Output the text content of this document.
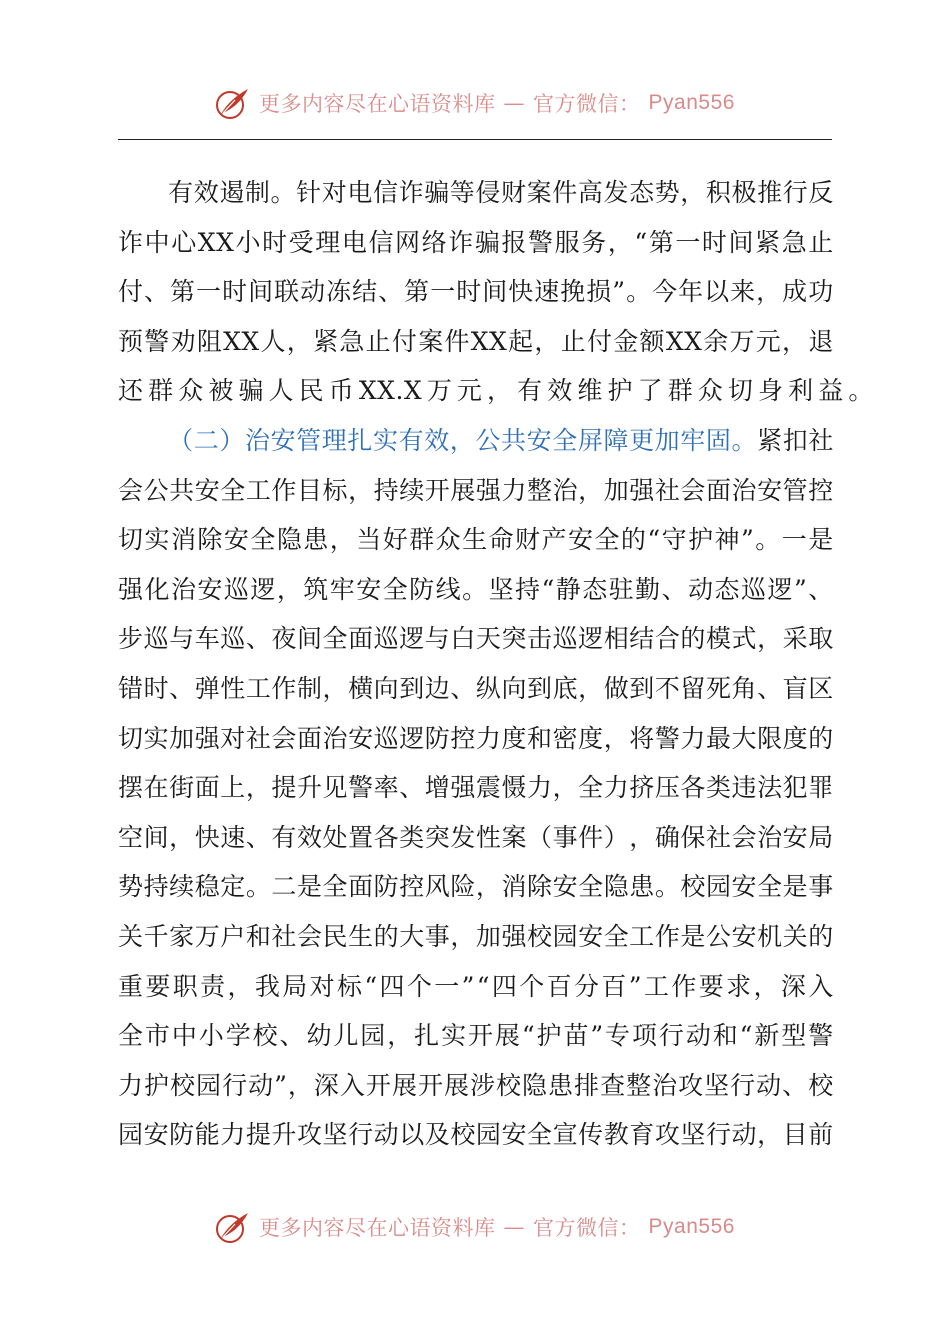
更多内容尽在心语资料库 — 官方微信： Pyan556
有 效 遏 制 。 针 对 电 信 诈 骗 等 侵 财 案 件 高 发 态 势 ， 积 极 推 行 反
诈 中 心 XX 小 时 受 理 电 信 网 络 诈 骗 报 警 服 务 ， “ 第 一 时 间 紧 急 止
付 、 第 一 时 间 联 动 冻 结 、 第 一 时 间 快 速 挽 损 ” 。 今 年 以 来 ， 成 功
预 警 劝 阻 XX 人 ， 紧 急 止 付 案 件 XX 起 ， 止 付 金 额 XX 余 万 元 ， 退
还 群 众 被 骗 人 民 币 XX.X 万 元 ， 有 效 维 护 了 群 众 切 身 利 益 。
（ 二 ） 治 安 管 理 扎 实 有 效 ， 公 共 安 全 屏 障 更 加 牢 固 。 紧 扣 社
会 公 共 安 全 工 作 目 标 ， 持 续 开 展 强 力 整 治 ， 加 强 社 会 面 治 安 管 控
切 实 消 除 安 全 隐 患 ， 当 好 群 众 生 命 财 产 安 全 的 “ 守 护 神 ” 。 一 是
强 化 治 安 巡 逻 ， 筑 牢 安 全 防 线 。 坚 持 “ 静 态 驻 勤 、 动 态 巡 逻 ” 、
步 巡 与 车 巡 、 夜 间 全 面 巡 逻 与 白 天 突 击 巡 逻 相 结 合 的 模 式 ， 采 取
错 时 、 弹 性 工 作 制 ， 横 向 到 边 、 纵 向 到 底 ， 做 到 不 留 死 角 、 盲 区
切 实 加 强 对 社 会 面 治 安 巡 逻 防 控 力 度 和 密 度 ， 将 警 力 最 大 限 度 的
摆 在 街 面 上 ， 提 升 见 警 率 、 增 强 震 慑 力 ， 全 力 挤 压 各 类 违 法 犯 罪
空 间 ， 快 速 、 有 效 处 置 各 类 突 发 性 案 （ 事 件 ） ， 确 保 社 会 治 安 局
势 持 续 稳 定 。 二 是 全 面 防 控 风 险 ， 消 除 安 全 隐 患 。 校 园 安 全 是 事
关 千 家 万 户 和 社 会 民 生 的 大 事 ， 加 强 校 园 安 全 工 作 是 公 安 机 关 的
重 要 职 责 ， 我 局 对 标 “ 四 个 一 ” “ 四 个 百 分 百 ” 工 作 要 求 ， 深 入
全 市 中 小 学 校 、 幼 儿 园 ， 扎 实 开 展 “ 护 苗 ” 专 项 行 动 和 “ 新 型 警
力 护 校 园 行 动 ” ， 深 入 开 展 开 展 涉 校 隐 患 排 查 整 治 攻 坚 行 动 、 校
园 安 防 能 力 提 升 攻 坚 行 动 以 及 校 园 安 全 宣 传 教 育 攻 坚 行 动 ， 目 前
更多内容尽在心语资料库 — 官方微信： Pyan556
